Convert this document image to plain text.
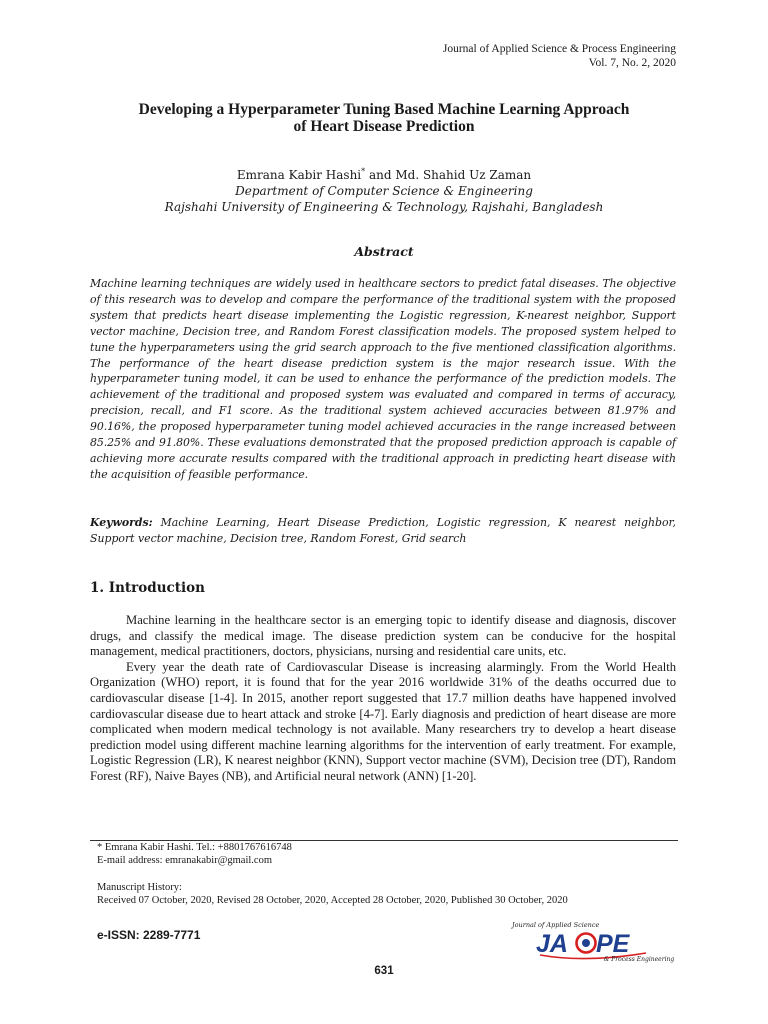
Journal of Applied Science & Process Engineering
Vol. 7, No. 2, 2020
Developing a Hyperparameter Tuning Based Machine Learning Approach
of Heart Disease Prediction
Emrana Kabir Hashi* and Md. Shahid Uz Zaman
Department of Computer Science & Engineering
Rajshahi University of Engineering & Technology, Rajshahi, Bangladesh
Abstract
Machine learning techniques are widely used in healthcare sectors to predict fatal diseases. The objective of this research was to develop and compare the performance of the traditional system with the proposed system that predicts heart disease implementing the Logistic regression, K-nearest neighbor, Support vector machine, Decision tree, and Random Forest classification models. The proposed system helped to tune the hyperparameters using the grid search approach to the five mentioned classification algorithms. The performance of the heart disease prediction system is the major research issue. With the hyperparameter tuning model, it can be used to enhance the performance of the prediction models. The achievement of the traditional and proposed system was evaluated and compared in terms of accuracy, precision, recall, and F1 score. As the traditional system achieved accuracies between 81.97% and 90.16%, the proposed hyperparameter tuning model achieved accuracies in the range increased between 85.25% and 91.80%. These evaluations demonstrated that the proposed prediction approach is capable of achieving more accurate results compared with the traditional approach in predicting heart disease with the acquisition of feasible performance.
Keywords: Machine Learning, Heart Disease Prediction, Logistic regression, K nearest neighbor, Support vector machine, Decision tree, Random Forest, Grid search
1. Introduction

Machine learning in the healthcare sector is an emerging topic to identify disease and diagnosis, discover drugs, and classify the medical image. The disease prediction system can be conducive for the hospital management, medical practitioners, doctors, physicians, nursing and residential care units, etc.

Every year the death rate of Cardiovascular Disease is increasing alarmingly. From the World Health Organization (WHO) report, it is found that for the year 2016 worldwide 31% of the deaths occurred due to cardiovascular disease [1-4]. In 2015, another report suggested that 17.7 million deaths have happened involved cardiovascular disease due to heart attack and stroke [4-7]. Early diagnosis and prediction of heart disease are more complicated when modern medical technology is not available. Many researchers try to develop a heart disease prediction model using different machine learning algorithms for the intervention of early treatment. For example, Logistic Regression (LR), K nearest neighbor (KNN), Support vector machine (SVM), Decision tree (DT), Random Forest (RF), Naive Bayes (NB), and Artificial neural network (ANN) [1-20].

* Emrana Kabir Hashi. Tel.: +8801767616748
E-mail address: emranakabir@gmail.com
Manuscript History:
Received 07 October, 2020, Revised 28 October, 2020, Accepted 28 October, 2020, Published 30 October, 2020
e-ISSN: 2289-7771
Journal of Applied Science
JA PE
& Process Engineering
631
